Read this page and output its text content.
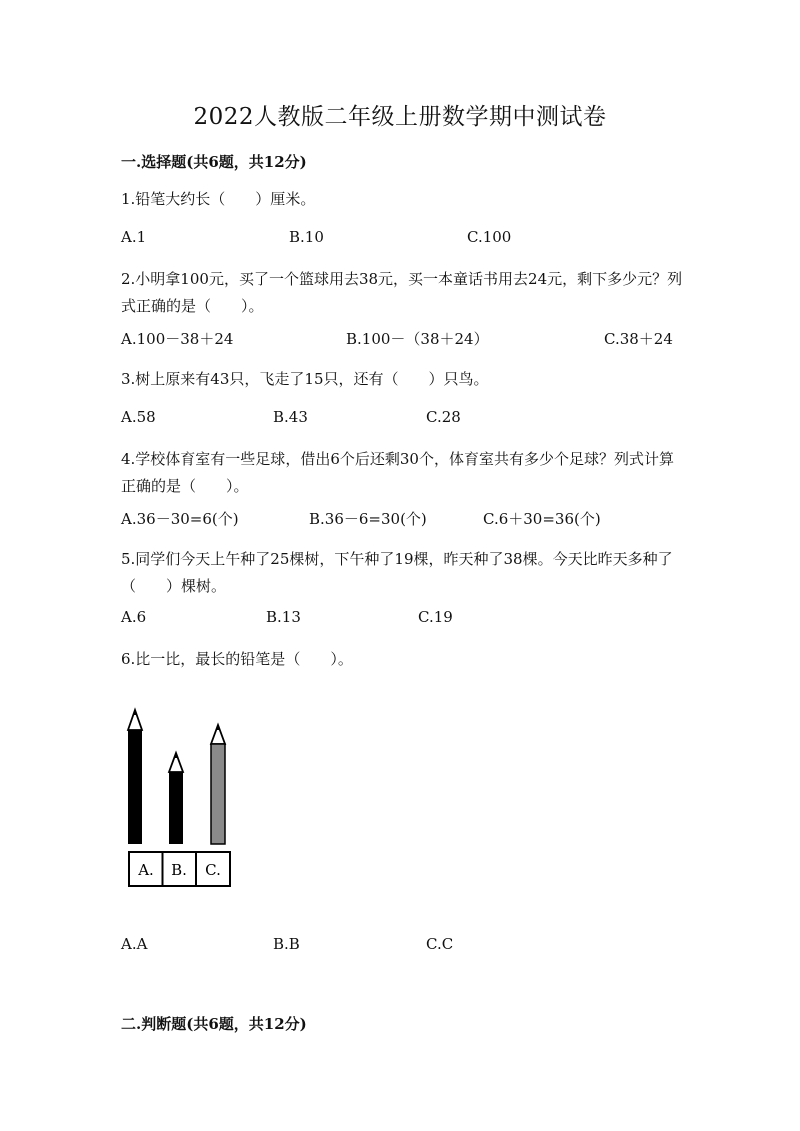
2022人教版二年级上册数学期中测试卷
一.选择题(共6题，共12分)
1.铅笔大约长（　　）厘米。
A.1	B.10	C.100
2.小明拿100元，买了一个篮球用去38元，买一本童话书用去24元，剩下多少元？列式正确的是（　　）。
A.100－38＋24	B.100－（38＋24）	C.38＋24
3.树上原来有43只，飞走了15只，还有（　　）只鸟。
A.58	B.43	C.28
4.学校体育室有一些足球，借出6个后还剩30个，体育室共有多少个足球？列式计算正确的是（　　）。
A.36－30=6(个)	B.36－6=30(个)	C.6＋30=36(个)
5.同学们今天上午种了25棵树，下午种了19棵，昨天种了38棵。今天比昨天多种了（　　）棵树。
A.6	B.13	C.19
6.比一比，最长的铅笔是（　　）。
A. B. C.
A.A	B.B	C.C
二.判断题(共6题，共12分)
